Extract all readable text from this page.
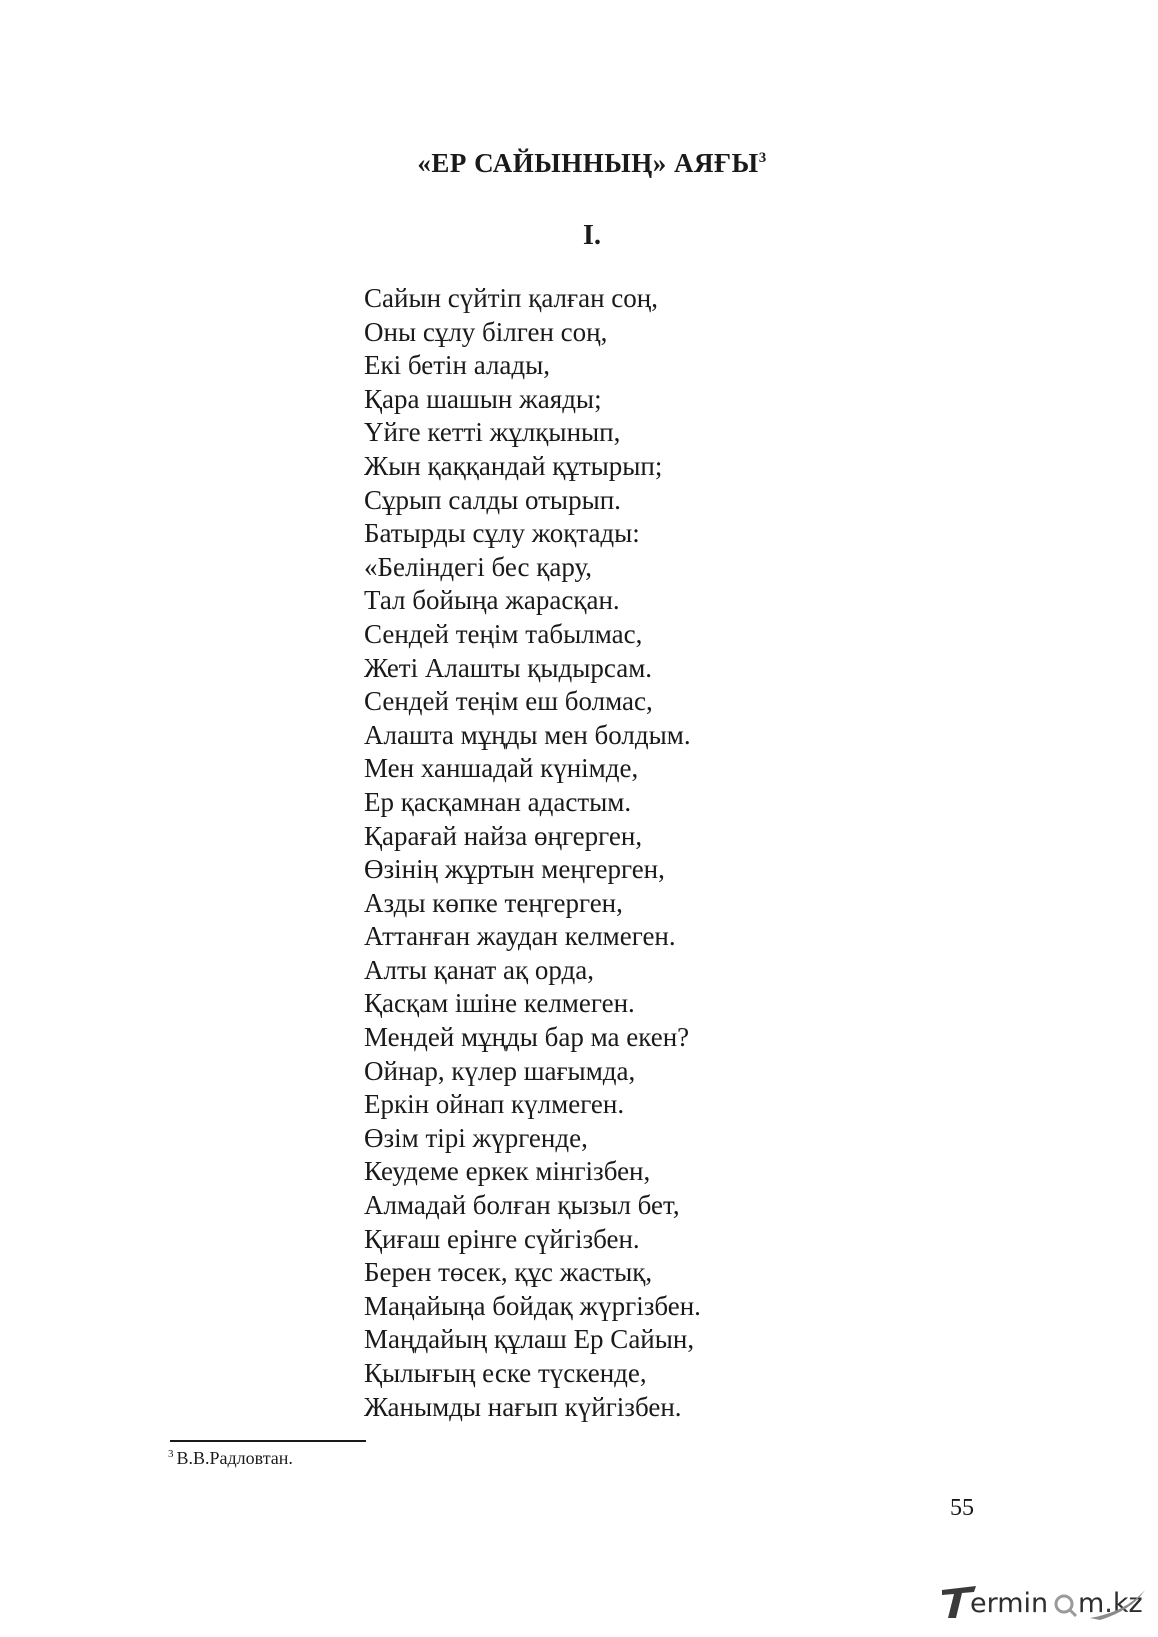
«ЕР САЙЫННЫҢ» АЯҒЫ$^3$
I.
Сайын сүйтіп қалған соң,
Оны сұлу білген соң,
Екі бетін алады,
Қара шашын жаяды;
Үйге кетті жұлқынып,
Жын қаққандай құтырып;
Сұрып салды отырып.
Батырды сұлу жоқтады:
«Беліндегі бес қару,
Тал бойыңа жарасқан.
Сендей теңім табылмас,
Жеті Алашты қыдырсам.
Сендей теңім еш болмас,
Алашта мұңды мен болдым.
Мен ханшадай күнімде,
Ер қасқамнан адастым.
Қарағай найза өңгерген,
Өзінің жұртын меңгерген,
Азды көпке теңгерген,
Аттанған жаудан келмеген.
Алты қанат ақ орда,
Қасқам ішіне келмеген.
Мендей мұңды бар ма екен?
Ойнар, күлер шағымда,
Еркін ойнап күлмеген.
Өзім тірі жүргенде,
Кеудеме еркек мінгізбен,
Алмадай болған қызыл бет,
Қиғаш ерінге сүйгізбен.
Берен төсек, құс жастық,
Маңайыңа бойдақ жүргізбен.
Маңдайың құлаш Ер Сайын,
Қылығың еске түскенде,
Жанымды нағып күйгізбен.
$^3$ В.В.Радловтан.
55
ermin m.kz
